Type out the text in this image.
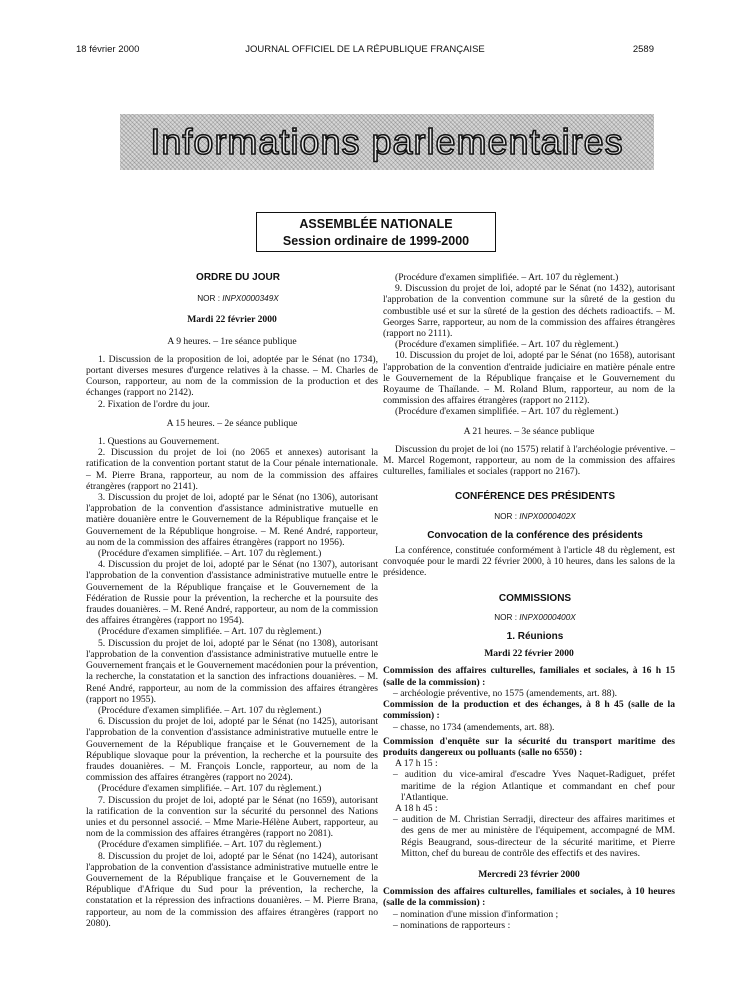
18 février 2000	JOURNAL OFFICIEL DE LA RÉPUBLIQUE FRANÇAISE	2589
Informations parlementaires
ASSEMBLÉE NATIONALE
Session ordinaire de 1999-2000

ORDRE DU JOUR

NOR : INPX0000349X

Mardi 22 février 2000

A 9 heures. – 1re séance publique

1. Discussion de la proposition de loi, adoptée par le Sénat (no 1734), portant diverses mesures d'urgence relatives à la chasse. – M. Charles de Courson, rapporteur, au nom de la commission de la production et des échanges (rapport no 2142).

2. Fixation de l'ordre du jour.

A 15 heures. – 2e séance publique

1. Questions au Gouvernement.

2. Discussion du projet de loi (no 2065 et annexes) autorisant la ratification de la convention portant statut de la Cour pénale internationale. – M. Pierre Brana, rapporteur, au nom de la commission des affaires étrangères (rapport no 2141).

3. Discussion du projet de loi, adopté par le Sénat (no 1306), autorisant l'approbation de la convention d'assistance administrative mutuelle en matière douanière entre le Gouvernement de la République française et le Gouvernement de la République hongroise. – M. René André, rapporteur, au nom de la commission des affaires étrangères (rapport no 1956).

(Procédure d'examen simplifiée. – Art. 107 du règlement.)

4. Discussion du projet de loi, adopté par le Sénat (no 1307), autorisant l'approbation de la convention d'assistance administrative mutuelle entre le Gouvernement de la République française et le Gouvernement de la Fédération de Russie pour la prévention, la recherche et la poursuite des fraudes douanières. – M. René André, rapporteur, au nom de la commission des affaires étrangères (rapport no 1954).

(Procédure d'examen simplifiée. – Art. 107 du règlement.)

5. Discussion du projet de loi, adopté par le Sénat (no 1308), autorisant l'approbation de la convention d'assistance administrative mutuelle entre le Gouvernement français et le Gouvernement macédonien pour la prévention, la recherche, la constatation et la sanction des infractions douanières. – M. René André, rapporteur, au nom de la commission des affaires étrangères (rapport no 1955).

(Procédure d'examen simplifiée. – Art. 107 du règlement.)

6. Discussion du projet de loi, adopté par le Sénat (no 1425), autorisant l'approbation de la convention d'assistance administrative mutuelle entre le Gouvernement de la République française et le Gouvernement de la République slovaque pour la prévention, la recherche et la poursuite des fraudes douanières. – M. François Loncle, rapporteur, au nom de la commission des affaires étrangères (rapport no 2024).

(Procédure d'examen simplifiée. – Art. 107 du règlement.)

7. Discussion du projet de loi, adopté par le Sénat (no 1659), autorisant la ratification de la convention sur la sécurité du personnel des Nations unies et du personnel associé. – Mme Marie-Hélène Aubert, rapporteur, au nom de la commission des affaires étrangères (rapport no 2081).

(Procédure d'examen simplifiée. – Art. 107 du règlement.)

8. Discussion du projet de loi, adopté par le Sénat (no 1424), autorisant l'approbation de la convention d'assistance administrative mutuelle entre le Gouvernement de la République française et le Gouvernement de la République d'Afrique du Sud pour la prévention, la recherche, la constatation et la répression des infractions douanières. – M. Pierre Brana, rapporteur, au nom de la commission des affaires étrangères (rapport no 2080).

(Procédure d'examen simplifiée. – Art. 107 du règlement.)

9. Discussion du projet de loi, adopté par le Sénat (no 1432), autorisant l'approbation de la convention commune sur la sûreté de la gestion du combustible usé et sur la sûreté de la gestion des déchets radioactifs. – M. Georges Sarre, rapporteur, au nom de la commission des affaires étrangères (rapport no 2111).

(Procédure d'examen simplifiée. – Art. 107 du règlement.)

10. Discussion du projet de loi, adopté par le Sénat (no 1658), autorisant l'approbation de la convention d'entraide judiciaire en matière pénale entre le Gouvernement de la République française et le Gouvernement du Royaume de Thaïlande. – M. Roland Blum, rapporteur, au nom de la commission des affaires étrangères (rapport no 2112).

(Procédure d'examen simplifiée. – Art. 107 du règlement.)

A 21 heures. – 3e séance publique

Discussion du projet de loi (no 1575) relatif à l'archéologie préventive. – M. Marcel Rogemont, rapporteur, au nom de la commission des affaires culturelles, familiales et sociales (rapport no 2167).

CONFÉRENCE DES PRÉSIDENTS

NOR : INPX0000402X

Convocation de la conférence des présidents

La conférence, constituée conformément à l'article 48 du règlement, est convoquée pour le mardi 22 février 2000, à 10 heures, dans les salons de la présidence.

COMMISSIONS

NOR : INPX0000400X

1. Réunions

Mardi 22 février 2000

Commission des affaires culturelles, familiales et sociales, à 16 h 15 (salle de la commission) :

– archéologie préventive, no 1575 (amendements, art. 88).

Commission de la production et des échanges, à 8 h 45 (salle de la commission) :

– chasse, no 1734 (amendements, art. 88).

Commission d'enquête sur la sécurité du transport maritime des produits dangereux ou polluants (salle no 6550) :

A 17 h 15 :

– audition du vice-amiral d'escadre Yves Naquet-Radiguet, préfet maritime de la région Atlantique et commandant en chef pour l'Atlantique.

A 18 h 45 :

– audition de M. Christian Serradji, directeur des affaires maritimes et des gens de mer au ministère de l'équipement, accompagné de MM. Régis Beaugrand, sous-directeur de la sécurité maritime, et Pierre Mitton, chef du bureau de contrôle des effectifs et des navires.

Mercredi 23 février 2000

Commission des affaires culturelles, familiales et sociales, à 10 heures (salle de la commission) :

– nomination d'une mission d'information ;

– nominations de rapporteurs :
